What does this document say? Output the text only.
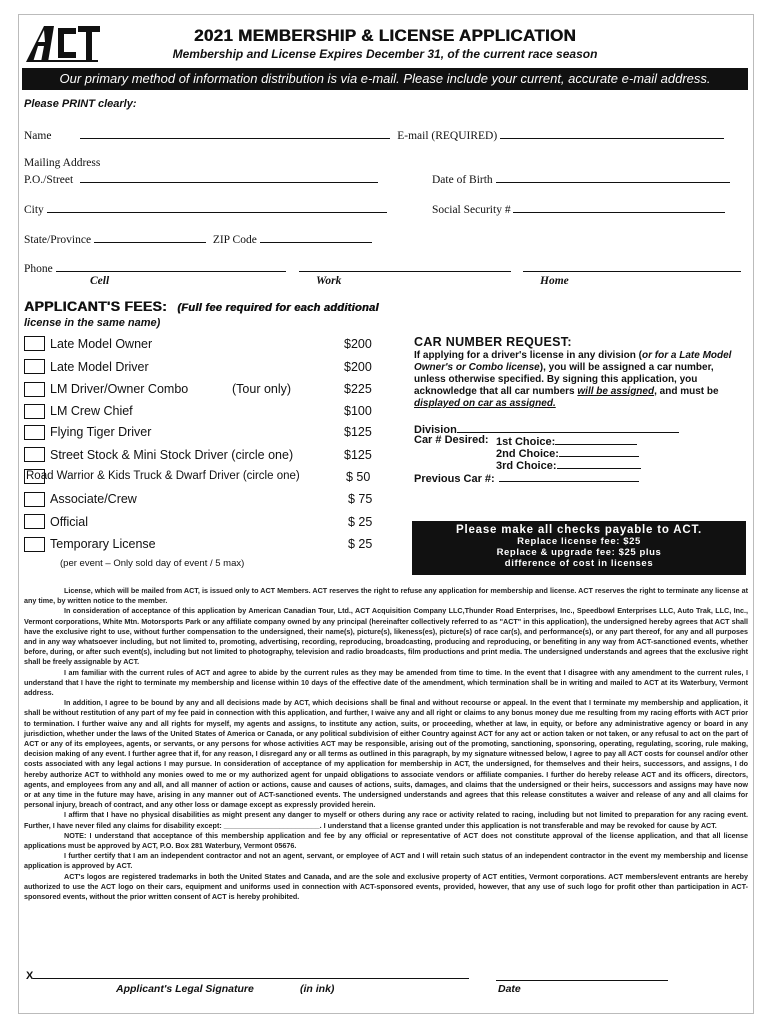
2021 MEMBERSHIP & LICENSE APPLICATION
Membership and License Expires December 31, of the current race season
Our primary method of information distribution is via e-mail. Please include your current, accurate e-mail address.
Please PRINT clearly:
Name	E-mail (REQUIRED)
Mailing Address
P.O./Street	Date of Birth
City	Social Security #
State/Province	ZIP Code
Phone
Cell	Work	Home
APPLICANT'S FEES: (Full fee required for each additional
license in the same name)
Late Model Owner	$200
Late Model Driver	$200
LM Driver/Owner Combo	(Tour only)	$225
LM Crew Chief	$100
Flying Tiger Driver	$125
Street Stock & Mini Stock Driver (circle one)	$125
Road Warrior & Kids Truck & Dwarf Driver (circle one)	$ 50
Associate/Crew	$ 75
Official	$ 25
Temporary License	$ 25
(per event – Only sold day of event / 5 max)
CAR NUMBER REQUEST:
If applying for a driver's license in any division (or for a Late Model Owner's or Combo license), you will be assigned a car number, unless otherwise specified. By signing this application, you acknowledge that all car numbers will be assigned, and must be displayed on car as assigned.
Division
Car # Desired: 1st Choice:
2nd Choice:
3rd Choice:
Previous Car #:
Please make all checks payable to ACT.
Replace license fee: $25
Replace & upgrade fee: $25 plus
difference of cost in licenses

License, which will be mailed from ACT, is issued only to ACT Members. ACT reserves the right to refuse any application for membership and license. ACT reserves the right to terminate any license at any time, by written notice to the member.

In consideration of acceptance of this application by American Canadian Tour, Ltd., ACT Acquisition Company LLC,Thunder Road Enterprises, Inc., Speedbowl Enterprises LLC, Auto Trak, LLC, Inc., Vermont corporations, White Mtn. Motorsports Park or any affiliate company owned by any principal (hereinafter collectively referred to as "ACT" in this application), the undersigned hereby agrees that ACT shall have the exclusive right to use, without further compensation to the undersigned, their name(s), picture(s), likeness(es), picture(s) of race car(s), and performance(s), or any part thereof, for any and all purposes and in any way whatsoever including, but not limited to, promoting, advertising, recording, reproducing, broadcasting, producing and reproducing, or benefiting in any way from ACT-sanctioned events, whether before, during, or after such event(s), including but not limited to photography, television and radio broadcasts, film productions and print media. The undersigned understands and agrees that the exclusive right shall be freely assignable by ACT.

I am familiar with the current rules of ACT and agree to abide by the current rules as they may be amended from time to time. In the event that I disagree with any amendment to the current rules, I understand that I have the right to terminate my membership and license within 10 days of the effective date of the amendment, which termination shall be in writing and mailed to ACT at its Waterbury, Vermont address.

In addition, I agree to be bound by any and all decisions made by ACT, which decisions shall be final and without recourse or appeal. In the event that I terminate my membership and application, it shall be without restitution of any part of my fee paid in connection with this application, and further, I waive any and all right or claims to any bonus money due me resulting from my racing efforts with ACT prior to termination. I further waive any and all rights for myself, my agents and assigns, to institute any action, suits, or proceeding, whether at law, in equity, or before any administrative agency or board in any jurisdiction, whether under the laws of the United States of America or Canada, or any political subdivision of either Country against ACT for any act or action taken or not taken, or any refusal to act on the part of ACT or any of its employees, agents, or servants, or any persons for whose activities ACT may be responsible, arising out of the promoting, sanctioning, sponsoring, operating, regulating, scoring, rule making, decision making of any event. I further agree that if, for any reason, I disregard any or all terms as outlined in this paragraph, by my signature witnessed below, I agree to pay all ACT costs for counsel and/or other costs associated with any legal actions I may pursue. In consideration of acceptance of my application for membership in ACT, the undersigned, for themselves and their heirs, successors, and assigns, I do hereby authorize ACT to withhold any monies owed to me or my authorized agent for unpaid obligations to associate vendors or affiliate companies. I further do hereby release ACT and its officers, directors, agents, and employees from any and all, and all manner of action or actions, cause and causes of actions, suits, damages, and claims that the undersigned or their heirs, successors and assigns may have now or at any time in the future may have, arising in any manner out of ACT-sanctioned events. The undersigned understands and agrees that this release constitutes a waiver and release of any and all claims for personal injury, breach of contract, and any other loss or damage except as expressly provided herein.

I affirm that I have no physical disabilities as might present any danger to myself or others during any race or activity related to racing, including but not limited to preparation for any racing event. Further, I have never filed any claims for disability except: ________________________. I understand that a license granted under this application is not transferable and may be revoked for cause by ACT.

NOTE: I understand that acceptance of this membership application and fee by any official or representative of ACT does not constitute approval of the license application, and that all license applications must be approved by ACT, P.O. Box 281 Waterbury, Vermont 05676.

I further certify that I am an independent contractor and not an agent, servant, or employee of ACT and I will retain such status of an independent contractor in the event my membership and license application is approved by ACT.

ACT's logos are registered trademarks in both the United States and Canada, and are the sole and exclusive property of ACT entities, Vermont corporations. ACT members/event entrants are hereby authorized to use the ACT logo on their cars, equipment and uniforms used in connection with ACT-sponsored events, provided, however, that any use of such logo for profit other than participation in ACT-sponsored events, without the prior written consent of ACT is hereby prohibited.

X
Applicant's Legal Signature	(in ink)	Date
